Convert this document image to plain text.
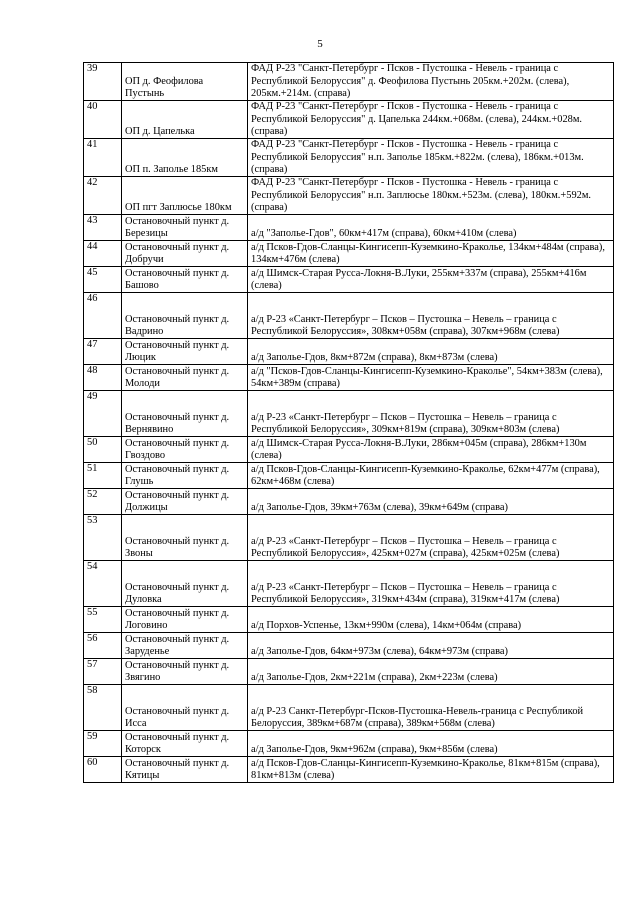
5
39	ОП д. Феофилова Пустынь	ФАД Р-23 "Санкт-Петербург - Псков - Пустошка - Невель - граница с Республикой Белоруссия" д. Феофилова Пустынь 205км.+202м. (слева), 205км.+214м. (справа)
40	ОП д. Цапелька	ФАД Р-23 "Санкт-Петербург - Псков - Пустошка - Невель - граница с Республикой Белоруссия" д. Цапелька 244км.+068м. (слева), 244км.+028м. (справа)
41	ОП п. Заполье 185км	ФАД Р-23 "Санкт-Петербург - Псков - Пустошка - Невель - граница с Республикой Белоруссия" н.п. Заполье 185км.+822м. (слева), 186км.+013м. (справа)
42	ОП пгт Заплюсье 180км	ФАД Р-23 "Санкт-Петербург - Псков - Пустошка - Невель - граница с Республикой Белоруссия" н.п. Заплюсье 180км.+523м. (слева), 180км.+592м. (справа)
43	Остановочный пункт д. Березицы	а/д "Заполье-Гдов", 60км+417м (справа), 60км+410м (слева)
44	Остановочный пункт д. Добручи	а/д Псков-Гдов-Сланцы-Кингисепп-Куземкино-Краколье, 134км+484м (справа), 134км+476м (слева)
45	Остановочный пункт д. Башово	а/д Шимск-Старая Русса-Локня-В.Луки, 255км+337м (справа), 255км+416м (слева)
46	Остановочный пункт д. Вадрино	а/д Р-23 «Санкт-Петербург – Псков – Пустошка – Невель – граница с Республикой Белоруссия», 308км+058м (справа), 307км+968м (слева)
47	Остановочный пункт д. Люцик	а/д Заполье-Гдов, 8км+872м (справа), 8км+873м (слева)
48	Остановочный пункт д. Молоди	а/д "Псков-Гдов-Сланцы-Кингисепп-Куземкино-Краколье", 54км+383м (слева), 54км+389м (справа)
49	Остановочный пункт д. Вернявино	а/д Р-23 «Санкт-Петербург – Псков – Пустошка – Невель – граница с Республикой Белоруссия», 309км+819м (справа), 309км+803м (слева)
50	Остановочный пункт д. Гвоздово	а/д Шимск-Старая Русса-Локня-В.Луки, 286км+045м (справа), 286км+130м (слева)
51	Остановочный пункт д. Глушь	а/д Псков-Гдов-Сланцы-Кингисепп-Куземкино-Краколье, 62км+477м (справа), 62км+468м (слева)
52	Остановочный пункт д. Должицы	а/д Заполье-Гдов, 39км+763м (слева), 39км+649м (справа)
53	Остановочный пункт д. Звоны	а/д Р-23 «Санкт-Петербург – Псков – Пустошка – Невель – граница с Республикой Белоруссия», 425км+027м (справа), 425км+025м (слева)
54	Остановочный пункт д. Дуловка	а/д Р-23 «Санкт-Петербург – Псков – Пустошка – Невель – граница с Республикой Белоруссия», 319км+434м (справа), 319км+417м (слева)
55	Остановочный пункт д. Логовино	а/д Порхов-Успенье, 13км+990м (слева), 14км+064м (справа)
56	Остановочный пункт д. Заруденье	а/д Заполье-Гдов, 64км+973м (слева), 64км+973м (справа)
57	Остановочный пункт д. Звягино	а/д Заполье-Гдов, 2км+221м (справа), 2км+223м (слева)
58	Остановочный пункт д. Исса	а/д Р-23 Санкт-Петербург-Псков-Пустошка-Невель-граница с Республикой Белоруссия, 389км+687м (справа), 389км+568м (слева)
59	Остановочный пункт д. Которск	а/д Заполье-Гдов, 9км+962м (справа), 9км+856м (слева)
60	Остановочный пункт д. Кятицы	а/д Псков-Гдов-Сланцы-Кингисепп-Куземкино-Краколье, 81км+815м (справа), 81км+813м (слева)
